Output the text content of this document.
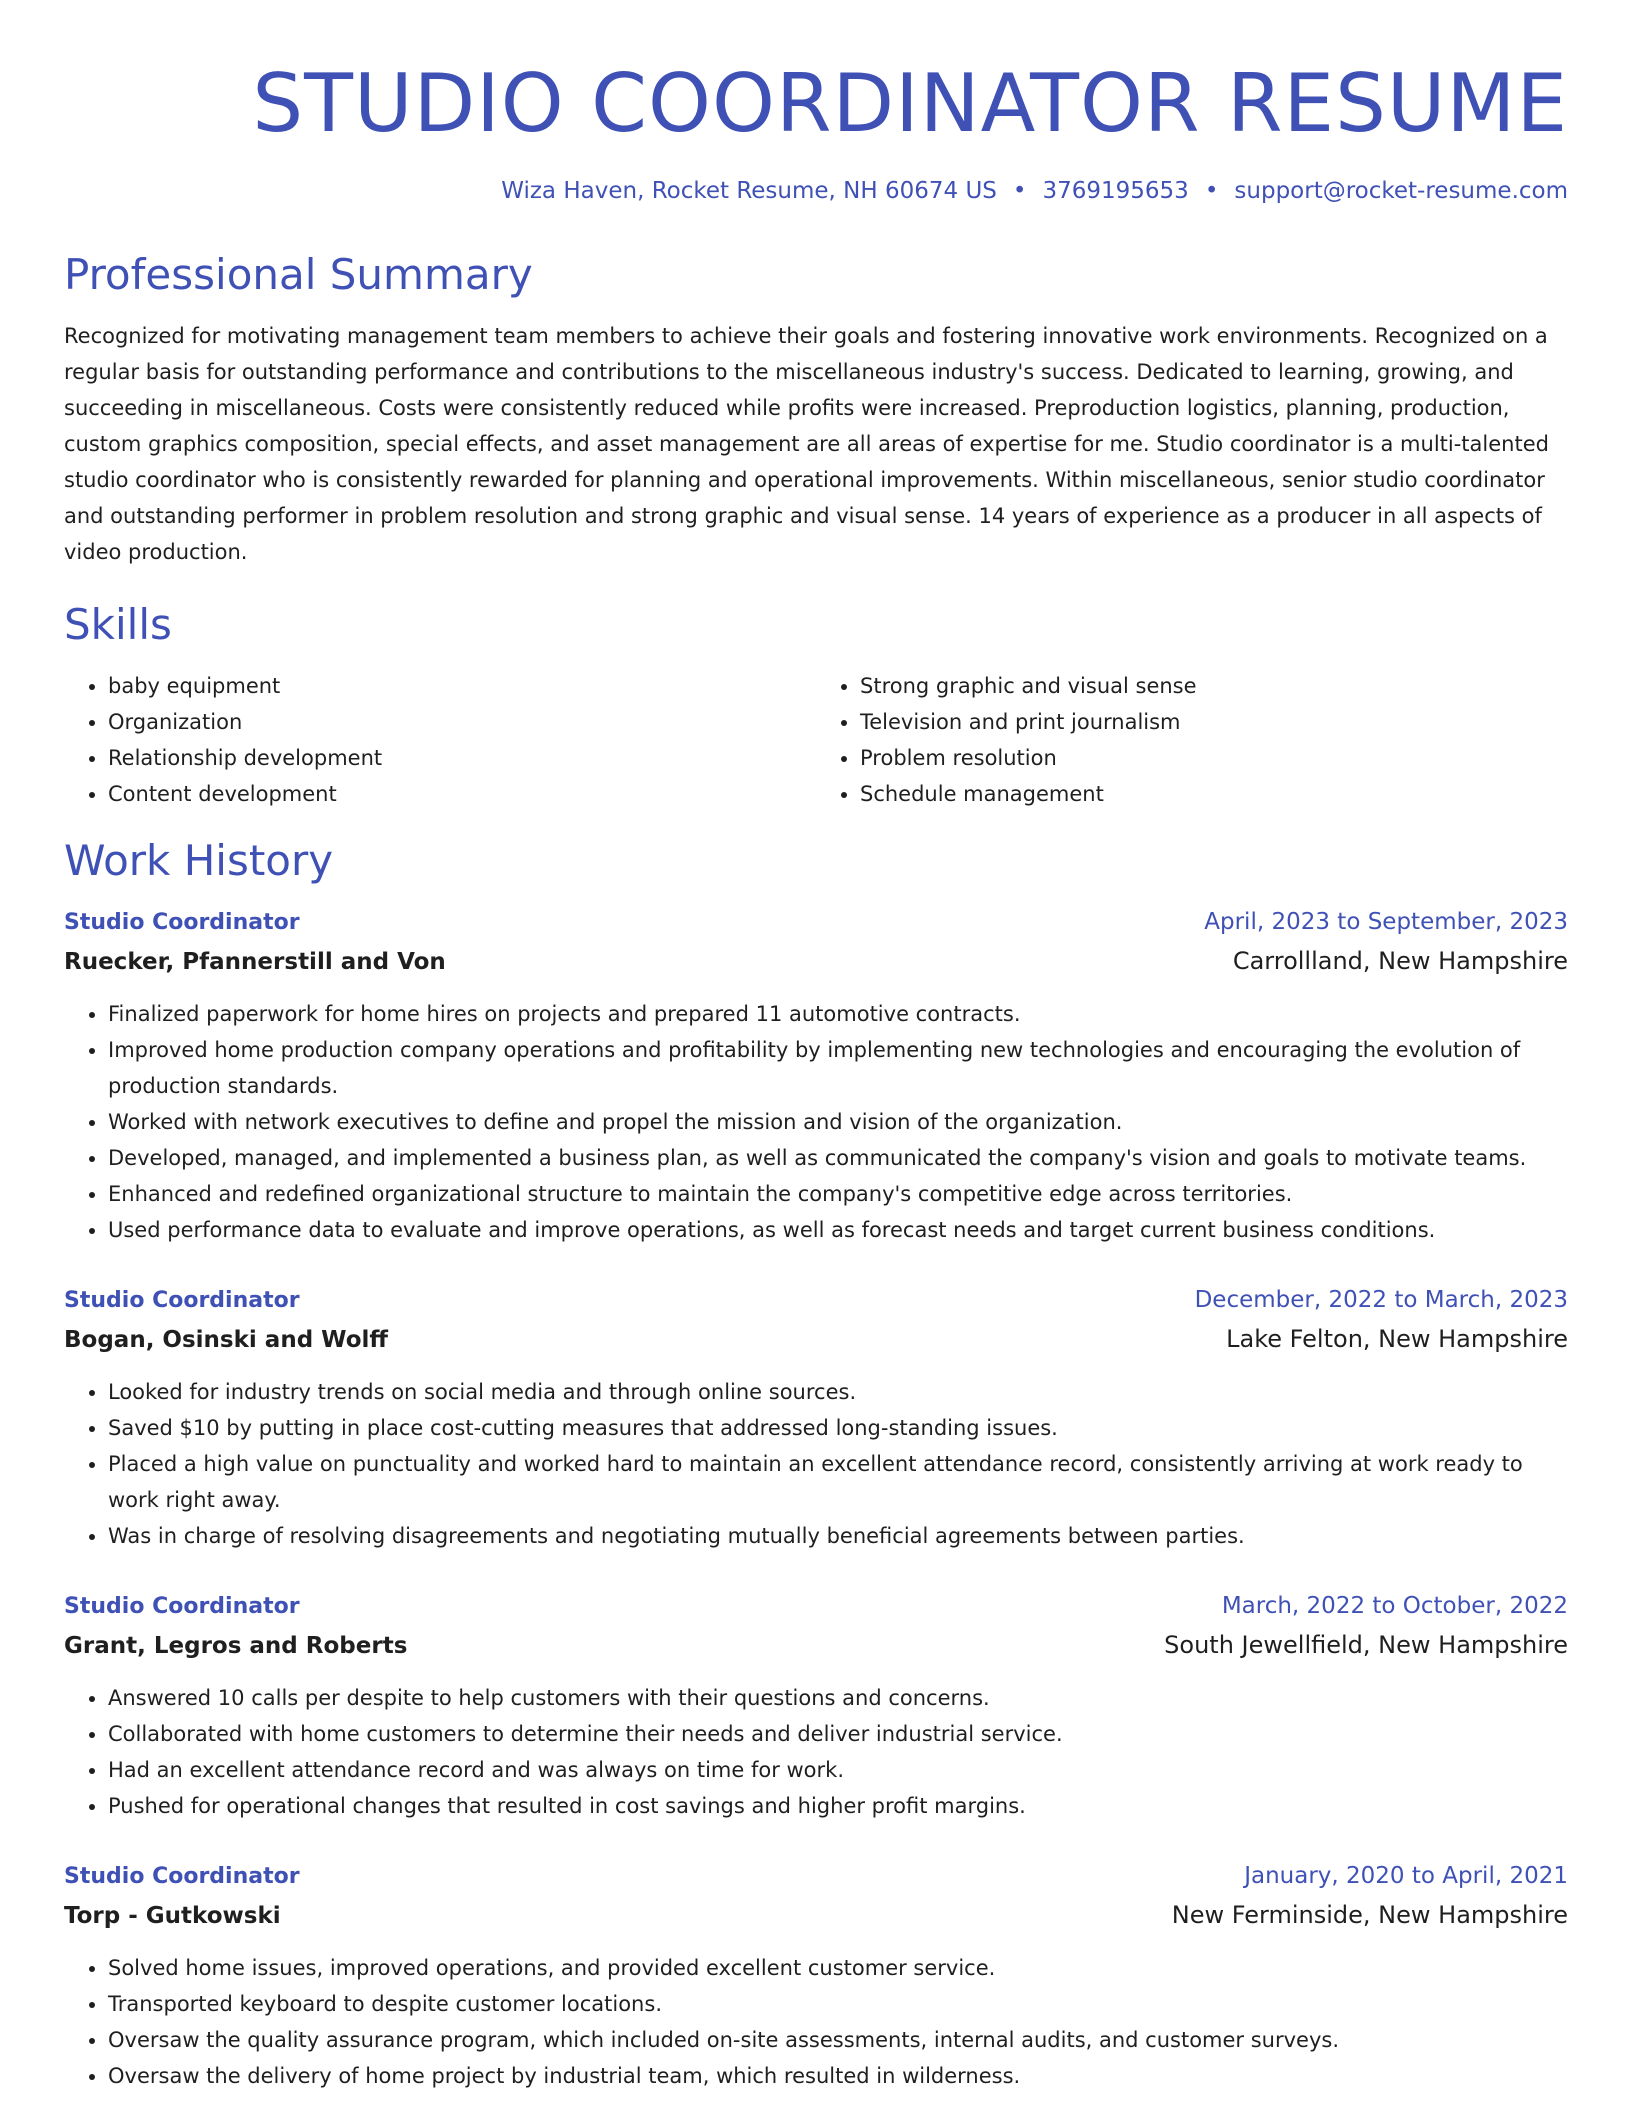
STUDIO COORDINATOR RESUME
Wiza Haven, Rocket Resume, NH 60674 US • 3769195653 • support@rocket-resume.com
Professional Summary

Recognized for motivating management team members to achieve their goals and fostering innovative work environments. Recognized on a regular basis for outstanding performance and contributions to the miscellaneous industry's success. Dedicated to learning, growing, and succeeding in miscellaneous. Costs were consistently reduced while profits were increased. Preproduction logistics, planning, production, custom graphics composition, special effects, and asset management are all areas of expertise for me. Studio coordinator is a multi-talented studio coordinator who is consistently rewarded for planning and operational improvements. Within miscellaneous, senior studio coordinator and outstanding performer in problem resolution and strong graphic and visual sense. 14 years of experience as a producer in all aspects of video production.

Skills
• baby equipment
• Organization
• Relationship development
• Content development
• Strong graphic and visual sense
• Television and print journalism
• Problem resolution
• Schedule management
Work History
Studio Coordinator	April, 2023 to September, 2023
Ruecker, Pfannerstill and Von	Carrollland, New Hampshire
• Finalized paperwork for home hires on projects and prepared 11 automotive contracts.
• Improved home production company operations and profitability by implementing new technologies and encouraging the evolution of production standards.
• Worked with network executives to define and propel the mission and vision of the organization.
• Developed, managed, and implemented a business plan, as well as communicated the company's vision and goals to motivate teams.
• Enhanced and redefined organizational structure to maintain the company's competitive edge across territories.
• Used performance data to evaluate and improve operations, as well as forecast needs and target current business conditions.
Studio Coordinator	December, 2022 to March, 2023
Bogan, Osinski and Wolff	Lake Felton, New Hampshire
• Looked for industry trends on social media and through online sources.
• Saved $10 by putting in place cost-cutting measures that addressed long-standing issues.
• Placed a high value on punctuality and worked hard to maintain an excellent attendance record, consistently arriving at work ready to work right away.
• Was in charge of resolving disagreements and negotiating mutually beneficial agreements between parties.
Studio Coordinator	March, 2022 to October, 2022
Grant, Legros and Roberts	South Jewellfield, New Hampshire
• Answered 10 calls per despite to help customers with their questions and concerns.
• Collaborated with home customers to determine their needs and deliver industrial service.
• Had an excellent attendance record and was always on time for work.
• Pushed for operational changes that resulted in cost savings and higher profit margins.
Studio Coordinator	January, 2020 to April, 2021
Torp - Gutkowski	New Ferminside, New Hampshire
• Solved home issues, improved operations, and provided excellent customer service.
• Transported keyboard to despite customer locations.
• Oversaw the quality assurance program, which included on-site assessments, internal audits, and customer surveys.
• Oversaw the delivery of home project by industrial team, which resulted in wilderness.
